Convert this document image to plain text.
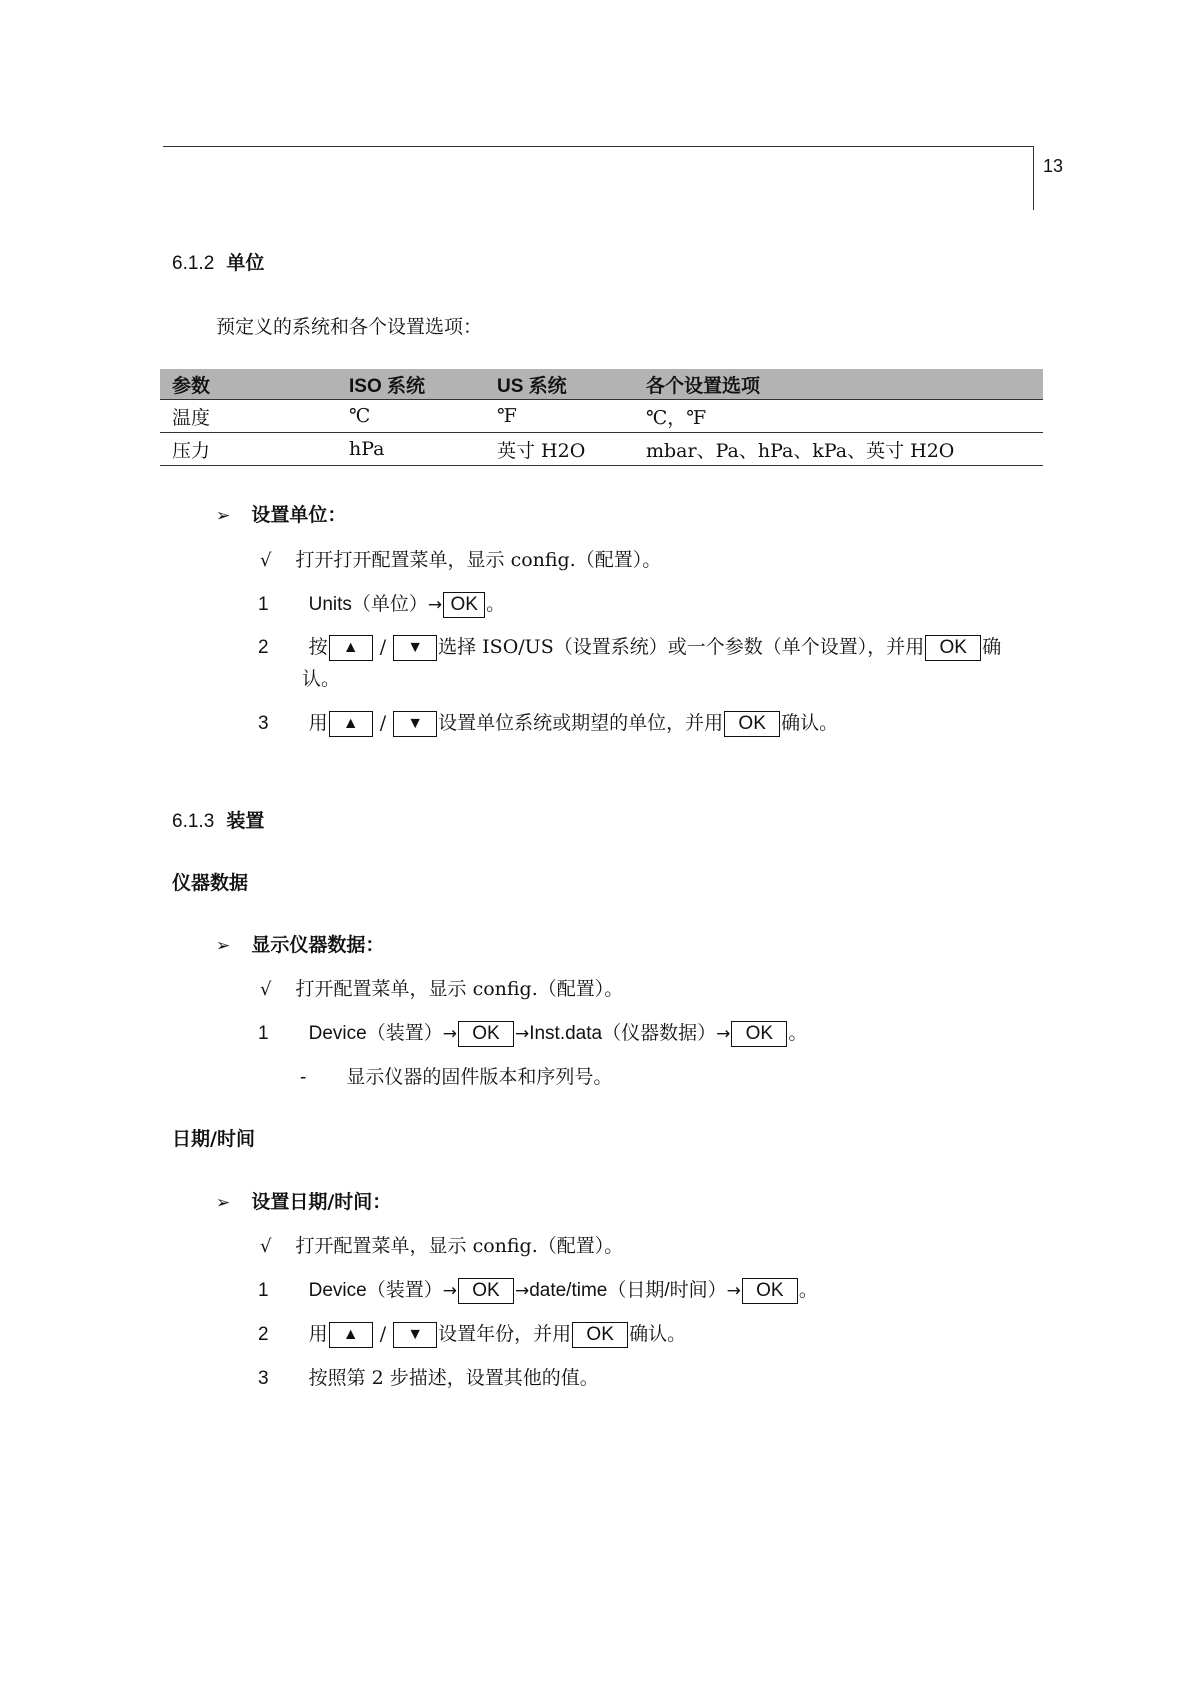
13
6.1.2 单位
预定义的系统和各个设置选项：
参数	ISO 系统	US 系统	各个设置选项
温度	℃	℉	℃，℉
压力	hPa	英寸 H2O	mbar、Pa、hPa、kPa、英寸 H2O
➢ 设置单位：
√ 打开打开配置菜单，显示 config.（配置）。
1 Units（单位）→ OK 。
2 按 ▲ / ▼ 选择 ISO/US（设置系统）或一个参数（单个设置），并用 OK 确
认。
3 用 ▲ / ▼ 设置单位系统或期望的单位，并用 OK 确认。
6.1.3 装置
仪器数据
➢ 显示仪器数据：
√ 打开配置菜单，显示 config.（配置）。
1 Device（装置）→ OK →Inst.data（仪器数据）→ OK 。
- 显示仪器的固件版本和序列号。
日期/时间
➢ 设置日期/时间：
√ 打开配置菜单，显示 config.（配置）。
1 Device（装置）→ OK →date/time（日期/时间）→ OK 。
2 用 ▲ / ▼ 设置年份，并用 OK 确认。
3 按照第 2 步描述，设置其他的值。
